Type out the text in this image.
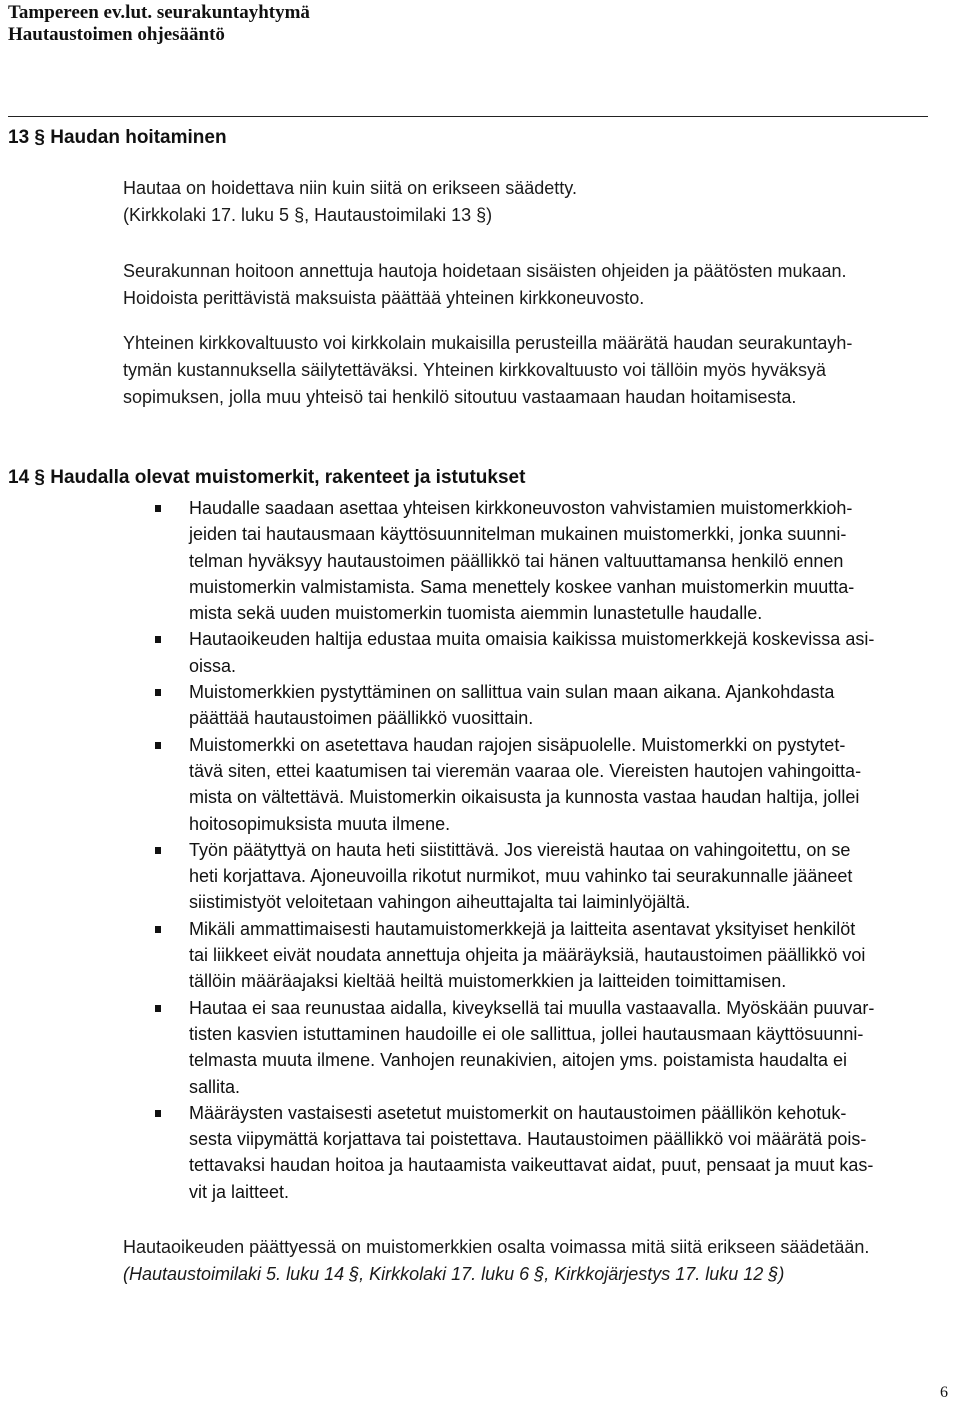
Tampereen ev.lut. seurakuntayhtymä
Hautaustoimen ohjesääntö
13 § Haudan hoitaminen
Hautaa on hoidettava niin kuin siitä on erikseen säädetty.
(Kirkkolaki 17. luku 5 §, Hautaustoimilaki 13 §)
Seurakunnan hoitoon annettuja hautoja hoidetaan sisäisten ohjeiden ja päätösten mukaan.
Hoidoista perittävistä maksuista päättää yhteinen kirkkoneuvosto.
Yhteinen kirkkovaltuusto voi kirkkolain mukaisilla perusteilla määrätä haudan seurakuntayh-
tymän kustannuksella säilytettäväksi. Yhteinen kirkkovaltuusto voi tällöin myös hyväksyä
sopimuksen, jolla muu yhteisö tai henkilö sitoutuu vastaamaan haudan hoitamisesta.
14 § Haudalla olevat muistomerkit, rakenteet ja istutukset
Haudalle saadaan asettaa yhteisen kirkkoneuvoston vahvistamien muistomerkkioh-
jeiden tai hautausmaan käyttösuunnitelman mukainen muistomerkki, jonka suunni-
telman hyväksyy hautaustoimen päällikkö tai hänen valtuuttamansa henkilö ennen
muistomerkin valmistamista. Sama menettely koskee vanhan muistomerkin muutta-
mista sekä uuden muistomerkin tuomista aiemmin lunastetulle haudalle.
Hautaoikeuden haltija edustaa muita omaisia kaikissa muistomerkkejä koskevissa asi-
oissa.
Muistomerkkien pystyttäminen on sallittua vain sulan maan aikana. Ajankohdasta
päättää hautaustoimen päällikkö vuosittain.
Muistomerkki on asetettava haudan rajojen sisäpuolelle. Muistomerkki on pystytet-
tävä siten, ettei kaatumisen tai vieremän vaaraa ole. Viereisten hautojen vahingoitta-
mista on vältettävä. Muistomerkin oikaisusta ja kunnosta vastaa haudan haltija, jollei
hoitosopimuksista muuta ilmene.
Työn päätyttyä on hauta heti siistittävä. Jos viereistä hautaa on vahingoitettu, on se
heti korjattava. Ajoneuvoilla rikotut nurmikot, muu vahinko tai seurakunnalle jääneet
siistimistyöt veloitetaan vahingon aiheuttajalta tai laiminlyöjältä.
Mikäli ammattimaisesti hautamuistomerkkejä ja laitteita asentavat yksityiset henkilöt
tai liikkeet eivät noudata annettuja ohjeita ja määräyksiä, hautaustoimen päällikkö voi
tällöin määräajaksi kieltää heiltä muistomerkkien ja laitteiden toimittamisen.
Hautaa ei saa reunustaa aidalla, kiveyksellä tai muulla vastaavalla. Myöskään puuvar-
tisten kasvien istuttaminen haudoille ei ole sallittua, jollei hautausmaan käyttösuunni-
telmasta muuta ilmene. Vanhojen reunakivien, aitojen yms. poistamista haudalta ei
sallita.
Määräysten vastaisesti asetetut muistomerkit on hautaustoimen päällikön kehotuk-
sesta viipymättä korjattava tai poistettava. Hautaustoimen päällikkö voi määrätä pois-
tettavaksi haudan hoitoa ja hautaamista vaikeuttavat aidat, puut, pensaat ja muut kas-
vit ja laitteet.
Hautaoikeuden päättyessä on muistomerkkien osalta voimassa mitä siitä erikseen säädetään.
(Hautaustoimilaki 5. luku 14 §, Kirkkolaki 17. luku 6 §, Kirkkojärjestys 17. luku 12 §)
6
